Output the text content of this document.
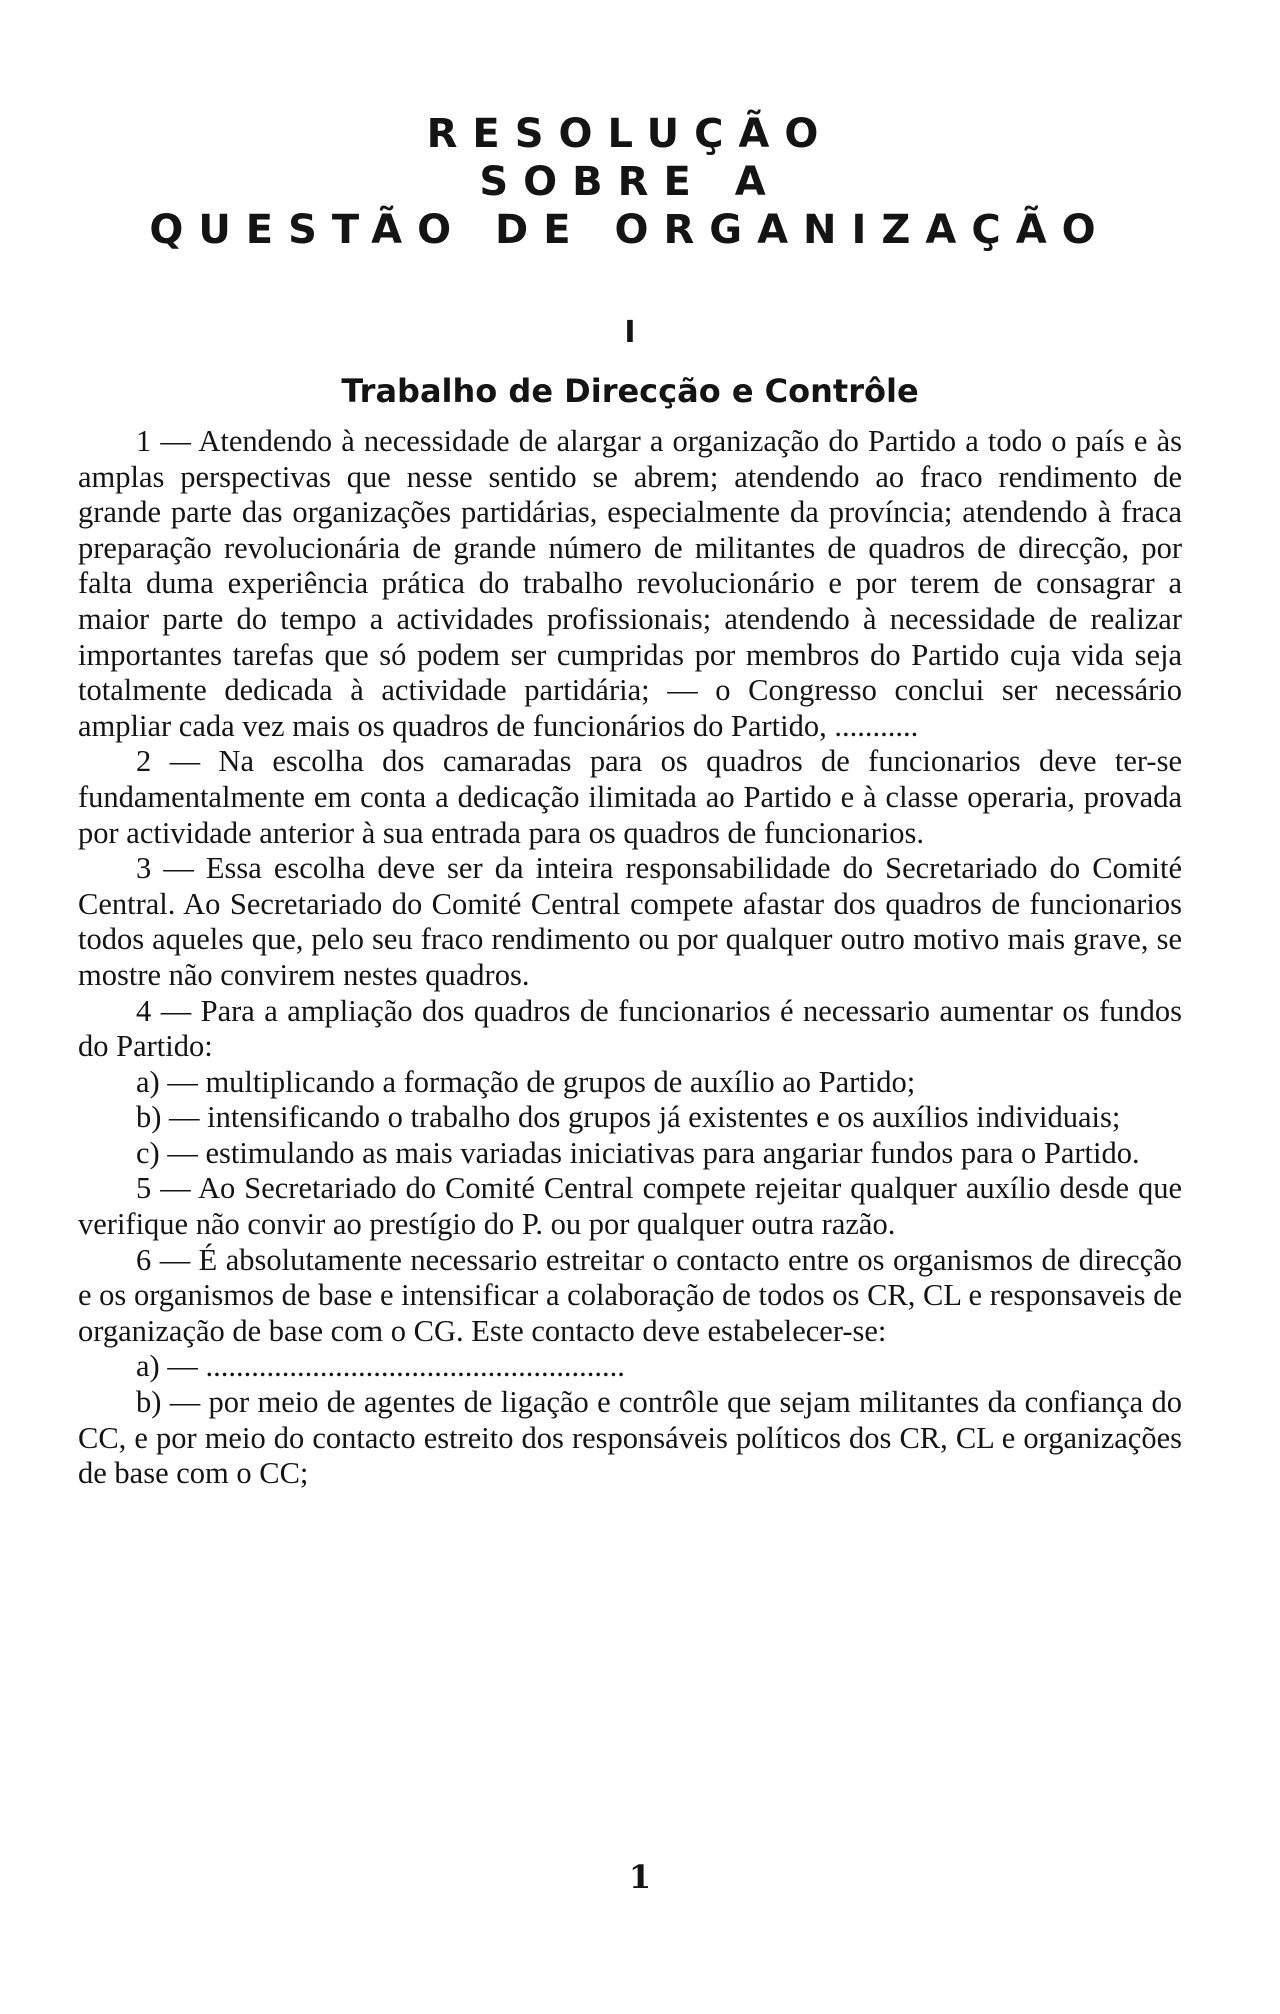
RESOLUÇÃO
SOBRE A
QUESTÃO DE ORGANIZAÇÃO
I
Trabalho de Direcção e Contrôle

1 — Atendendo à necessidade de alargar a organização do Partido a todo o país e às amplas perspectivas que nesse sentido se abrem; atendendo ao fraco rendimento de grande parte das organizações partidárias, especialmente da província; atendendo à fraca preparação revolucionária de grande número de militantes de quadros de direcção, por falta duma experiência prática do trabalho revolucionário e por terem de consagrar a maior parte do tempo a actividades profissionais; atendendo à necessidade de realizar importantes tarefas que só podem ser cumpridas por membros do Partido cuja vida seja totalmente dedicada à actividade partidária; — o Congresso conclui ser necessário ampliar cada vez mais os quadros de funcionários do Partido, ...........

2 — Na escolha dos camaradas para os quadros de funcionarios deve ter-se fundamentalmente em conta a dedicação ilimitada ao Partido e à classe operaria, provada por actividade anterior à sua entrada para os quadros de funcionarios.

3 — Essa escolha deve ser da inteira responsabilidade do Secretariado do Comité Central. Ao Secretariado do Comité Central compete afastar dos quadros de funcionarios todos aqueles que, pelo seu fraco rendimento ou por qualquer outro motivo mais grave, se mostre não convirem nestes quadros.

4 — Para a ampliação dos quadros de funcionarios é necessario aumentar os fundos do Partido:

a) — multiplicando a formação de grupos de auxílio ao Partido;

b) — intensificando o trabalho dos grupos já existentes e os auxílios individuais;

c) — estimulando as mais variadas iniciativas para angariar fundos para o Partido.

5 — Ao Secretariado do Comité Central compete rejeitar qualquer auxílio desde que verifique não convir ao prestígio do P. ou por qualquer outra razão.

6 — É absolutamente necessario estreitar o contacto entre os organismos de direcção e os organismos de base e intensificar a colaboração de todos os CR, CL e responsaveis de organização de base com o CG. Este contacto deve estabelecer-se:

a) — .......................................................

b) — por meio de agentes de ligação e contrôle que sejam militantes da confiança do CC, e por meio do contacto estreito dos responsáveis políticos dos CR, CL e organizações de base com o CC;

1
